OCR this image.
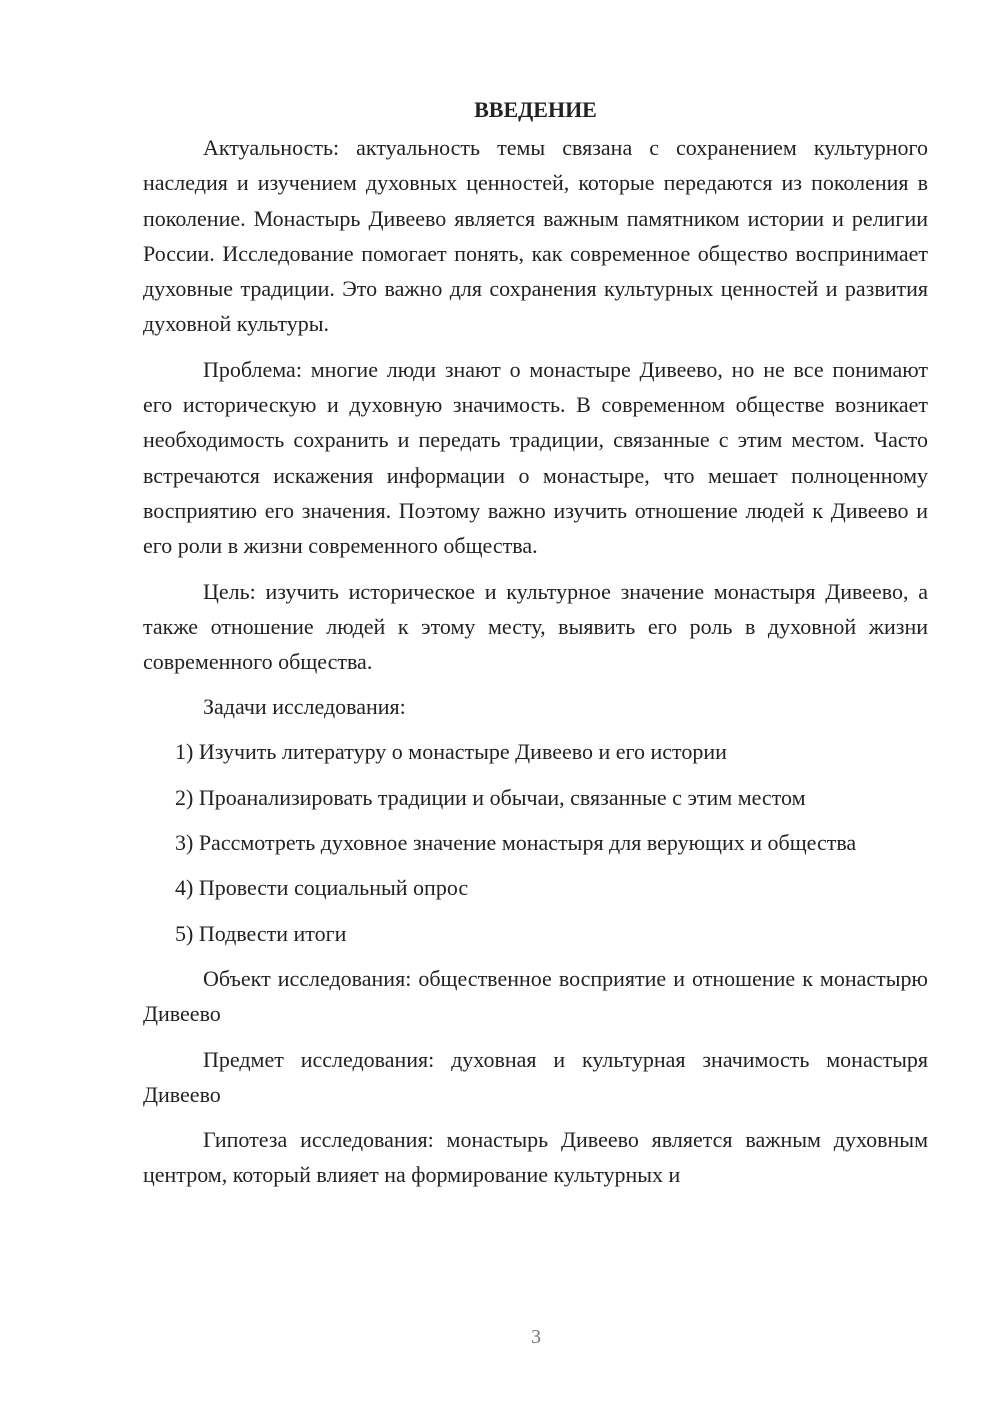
ВВЕДЕНИЕ

Актуальность: актуальность темы связана с сохранением культурного наследия и изучением духовных ценностей, которые передаются из поколения в поколение. Монастырь Дивеево является важным памятником истории и религии России. Исследование помогает понять, как современное общество воспринимает духовные традиции. Это важно для сохранения культурных ценностей и развития духовной культуры.

Проблема: многие люди знают о монастыре Дивеево, но не все понимают его историческую и духовную значимость. В современном обществе возникает необходимость сохранить и передать традиции, связанные с этим местом. Часто встречаются искажения информации о монастыре, что мешает полноценному восприятию его значения. Поэтому важно изучить отношение людей к Дивеево и его роли в жизни современного общества.

Цель: изучить историческое и культурное значение монастыря Дивеево, а также отношение людей к этому месту, выявить его роль в духовной жизни современного общества.

Задачи исследования:

1) Изучить литературу о монастыре Дивеево и его истории

2) Проанализировать традиции и обычаи, связанные с этим местом

3) Рассмотреть духовное значение монастыря для верующих и общества

4) Провести социальный опрос

5) Подвести итоги

Объект исследования: общественное восприятие и отношение к монастырю Дивеево

Предмет исследования: духовная и культурная значимость монастыря Дивеево

Гипотеза исследования: монастырь Дивеево является важным духовным центром, который влияет на формирование культурных и

3
